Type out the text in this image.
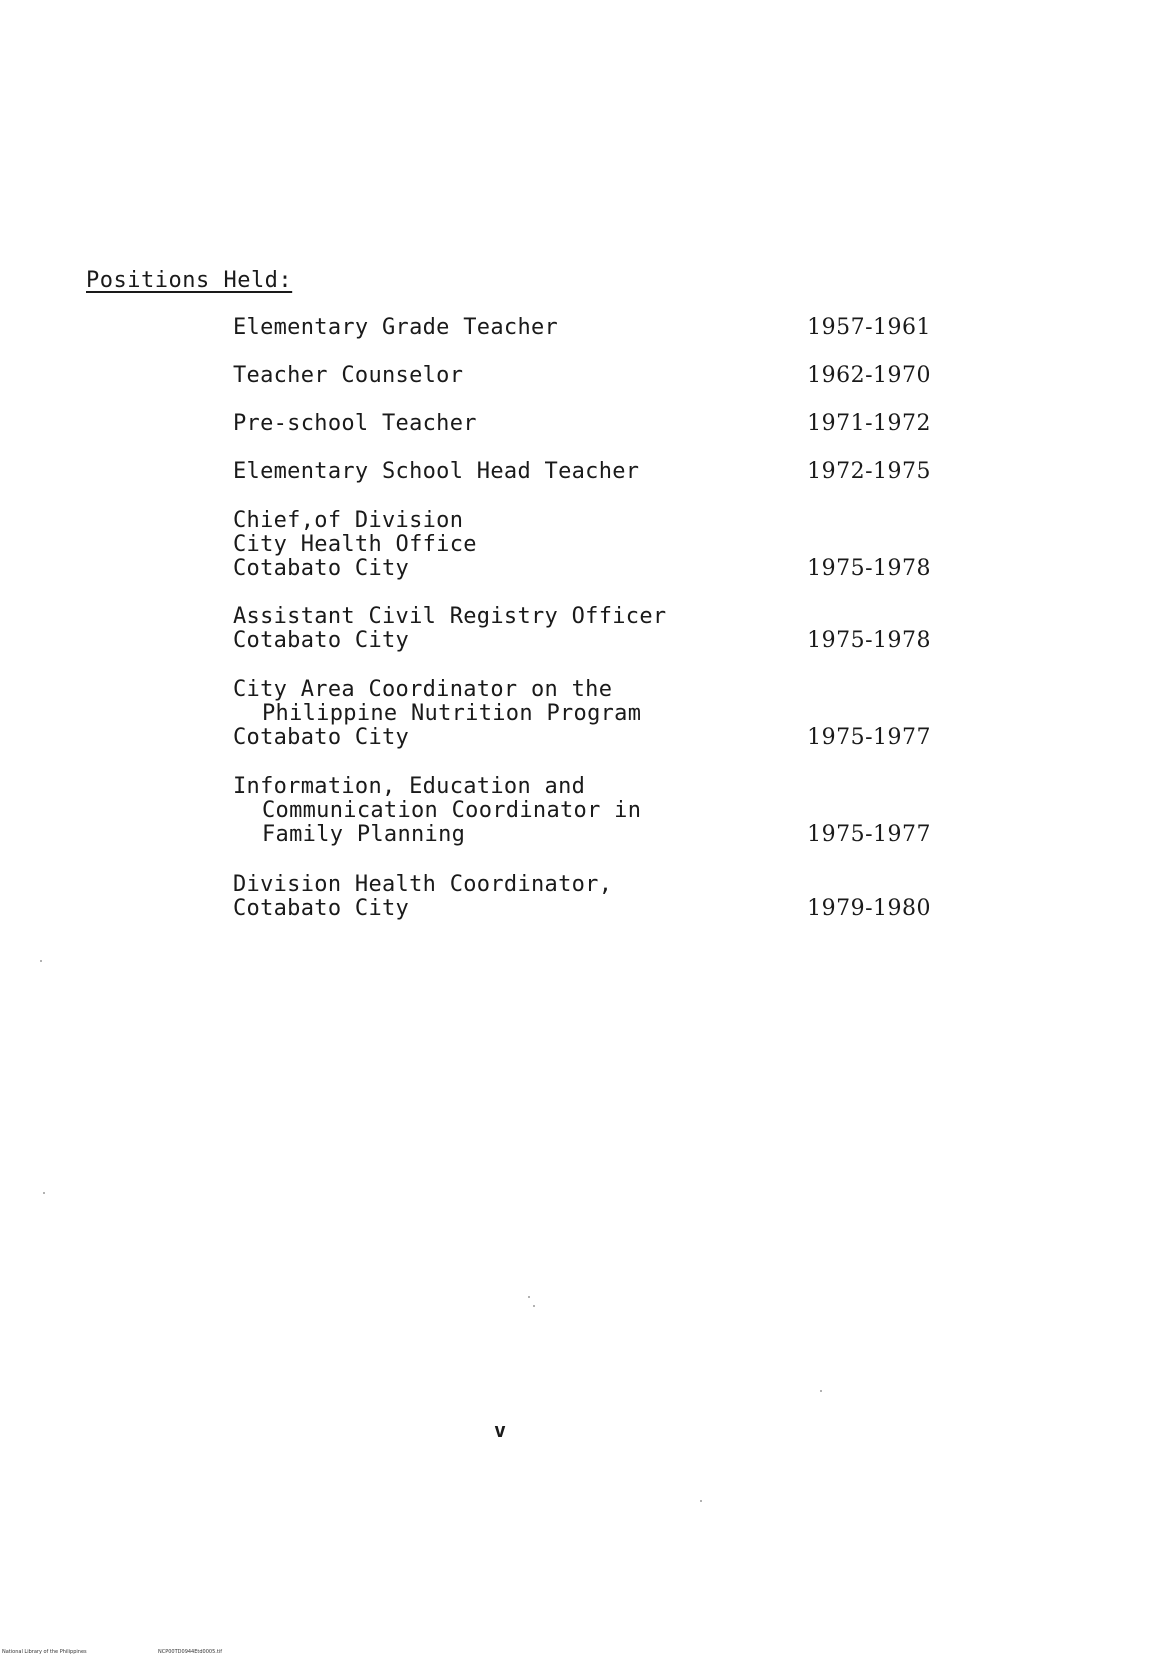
Positions Held:
Elementary Grade Teacher	1957-1961
Teacher Counselor	1962-1970
Pre-school Teacher	1971-1972
Elementary School Head Teacher	1972-1975
Chief,of Division
City Health Office
Cotabato City	1975-1978
Assistant Civil Registry Officer
Cotabato City	1975-1978
City Area Coordinator on the
Philippine Nutrition Program
Cotabato City	1975-1977
Information, Education and
Communication Coordinator in
Family Planning	1975-1977
Division Health Coordinator,
Cotabato City	1979-1980
v
National Library of the Philippines	NCP00TD0944Etd0005.tif
